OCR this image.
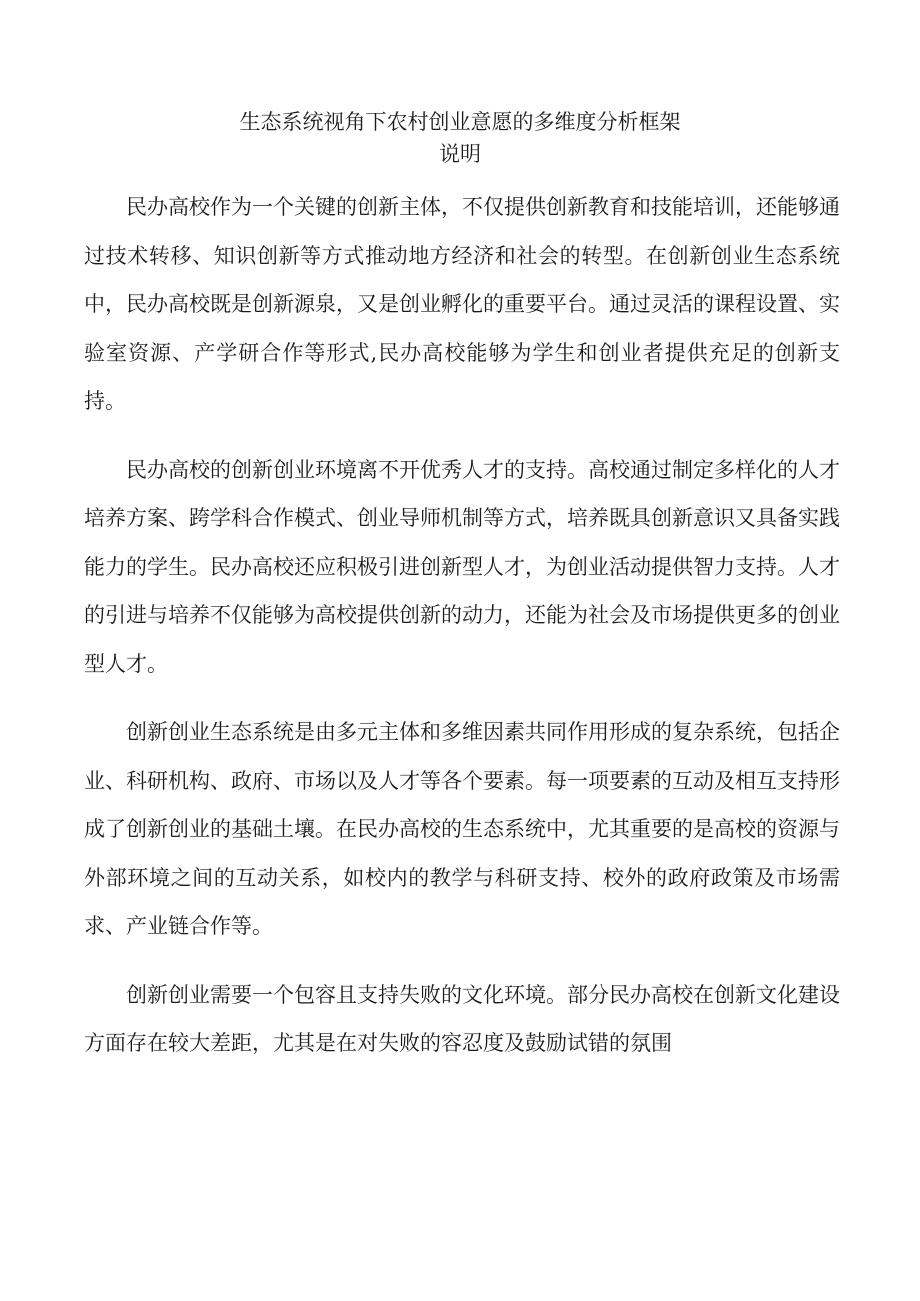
生态系统视角下农村创业意愿的多维度分析框架
说明

民办高校作为一个关键的创新主体，不仅提供创新教育和技能培训，还能够通过技术转移、知识创新等方式推动地方经济和社会的转型。在创新创业生态系统中，民办高校既是创新源泉，又是创业孵化的重要平台。通过灵活的课程设置、实验室资源、产学研合作等形式,民办高校能够为学生和创业者提供充足的创新支持。

民办高校的创新创业环境离不开优秀人才的支持。高校通过制定多样化的人才培养方案、跨学科合作模式、创业导师机制等方式，培养既具创新意识又具备实践能力的学生。民办高校还应积极引进创新型人才，为创业活动提供智力支持。人才的引进与培养不仅能够为高校提供创新的动力，还能为社会及市场提供更多的创业型人才。

创新创业生态系统是由多元主体和多维因素共同作用形成的复杂系统，包括企业、科研机构、政府、市场以及人才等各个要素。每一项要素的互动及相互支持形成了创新创业的基础土壤。在民办高校的生态系统中，尤其重要的是高校的资源与外部环境之间的互动关系，如校内的教学与科研支持、校外的政府政策及市场需求、产业链合作等。

创新创业需要一个包容且支持失败的文化环境。部分民办高校在创新文化建设方面存在较大差距，尤其是在对失败的容忍度及鼓励试错的氛围
